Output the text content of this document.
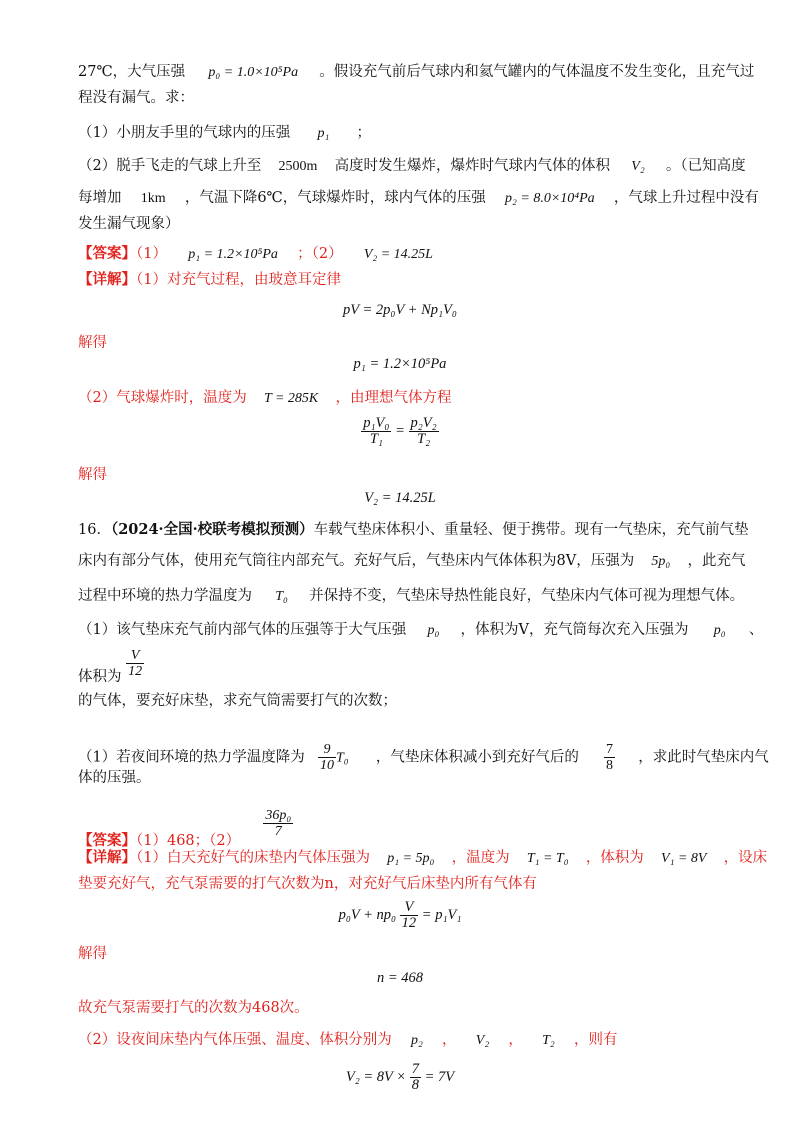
27℃，大气压强 p₀ = 1.0×10⁵Pa 。假设充气前后气球内和氦气罐内的气体温度不发生变化，且充气过
程没有漏气。求：
（1）小朋友手里的气球内的压强 p₁ ；
（2）脱手飞走的气球上升至 2500m 高度时发生爆炸，爆炸时气球内气体的体积 V₂ 。（已知高度
每增加 1km ，气温下降6℃，气球爆炸时，球内气体的压强 p₂ = 8.0×10⁴Pa ，气球上升过程中没有
发生漏气现象）
【答案】（1） p₁ = 1.2×10⁵Pa ；（2） V₂ = 14.25L
【详解】（1）对充气过程，由玻意耳定律
pV = 2p₀V + Np₁V₀
解得
p₁ = 1.2×10⁵Pa
（2）气球爆炸时，温度为 T = 285K ，由理想气体方程
$\frac{\text{p₁V₀}}{\text{T₁}} = \frac{\text{p₂V₂}}{\text{T₂}}$
解得
V₂ = 14.25L
16．（2024·全国·校联考模拟预测）车载气垫床体积小、重量轻、便于携带。现有一气垫床，充气前气垫
床内有部分气体，使用充气筒往内部充气。充好气后，气垫床内气体体积为8V，压强为 5p₀ ，此充气
过程中环境的热力学温度为 T₀ 并保持不变，气垫床导热性能良好，气垫床内气体可视为理想气体。
（1）该气垫床充气前内部气体的压强等于大气压强 p₀ ，体积为V，充气筒每次充入压强为 p₀ 、
体积为 $\frac{V}{12}$
的气体，要充好床垫，求充气筒需要打气的次数；
（1）若夜间环境的热力学温度降为 $\frac{9}{10} T_0$ ，气垫床体积减小到充好气后的 $\frac{7}{8}$ ，求此时气垫床内气
体的压强。
【答案】（1）468；（2）
$\frac{\text{36p₀}}{7}$
【详解】（1）白天充好气的床垫内气体压强为 p₁ = 5p₀ ，温度为 T₁ = T₀ ，体积为 V₁ = 8V ，设床
垫要充好气，充气泵需要的打气次数为n，对充好气后床垫内所有气体有
$p_0V + np_0 \frac{V}{12} = p_1V_1$
解得
n = 468
故充气泵需要打气的次数为468次。
（2）设夜间床垫内气体压强、温度、体积分别为 p₂ ， V₂ ， T₂ ，则有
$V_2 = 8V \times \frac{7}{8} = 7V$
